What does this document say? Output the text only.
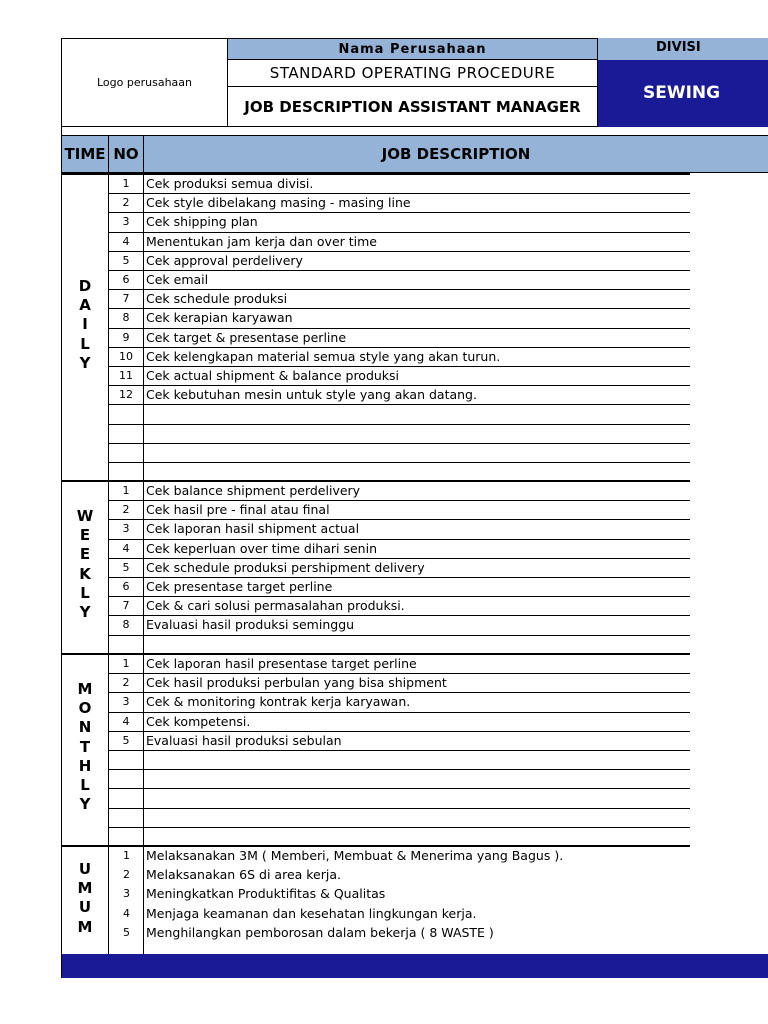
Logo perusahaan
Nama Perusahaan
STANDARD OPERATING PROCEDURE
JOB DESCRIPTION ASSISTANT MANAGER
DIVISI
SEWING
TIME NO	JOB DESCRIPTION
D
A
I
L
Y
1	Cek produksi semua divisi.
2	Cek style dibelakang masing - masing line
3	Cek shipping plan
4	Menentukan jam kerja dan over time
5	Cek approval perdelivery
6	Cek email
7	Cek schedule produksi
8	Cek kerapian karyawan
9	Cek target & presentase perline
10	Cek kelengkapan material semua style yang akan turun.
11	Cek actual shipment & balance produksi
12	Cek kebutuhan mesin untuk style yang akan datang.
W
E
E
K
L
Y
1	Cek balance shipment perdelivery
2	Cek hasil pre - final atau final
3	Cek laporan hasil shipment actual
4	Cek keperluan over time dihari senin
5	Cek schedule produksi pershipment delivery
6	Cek presentase target perline
7	Cek & cari solusi permasalahan produksi.
8	Evaluasi hasil produksi seminggu
M
O
N
T
H
L
Y
1	Cek laporan hasil presentase target perline
2	Cek hasil produksi perbulan yang bisa shipment
3	Cek & monitoring kontrak kerja karyawan.
4	Cek kompetensi.
5	Evaluasi hasil produksi sebulan
U
M
U
M
1	Melaksanakan 3M ( Memberi, Membuat & Menerima yang Bagus ).
2	Melaksanakan 6S di area kerja.
3	Meningkatkan Produktifitas & Qualitas
4	Menjaga keamanan dan kesehatan lingkungan kerja.
5	Menghilangkan pemborosan dalam bekerja ( 8 WASTE )
